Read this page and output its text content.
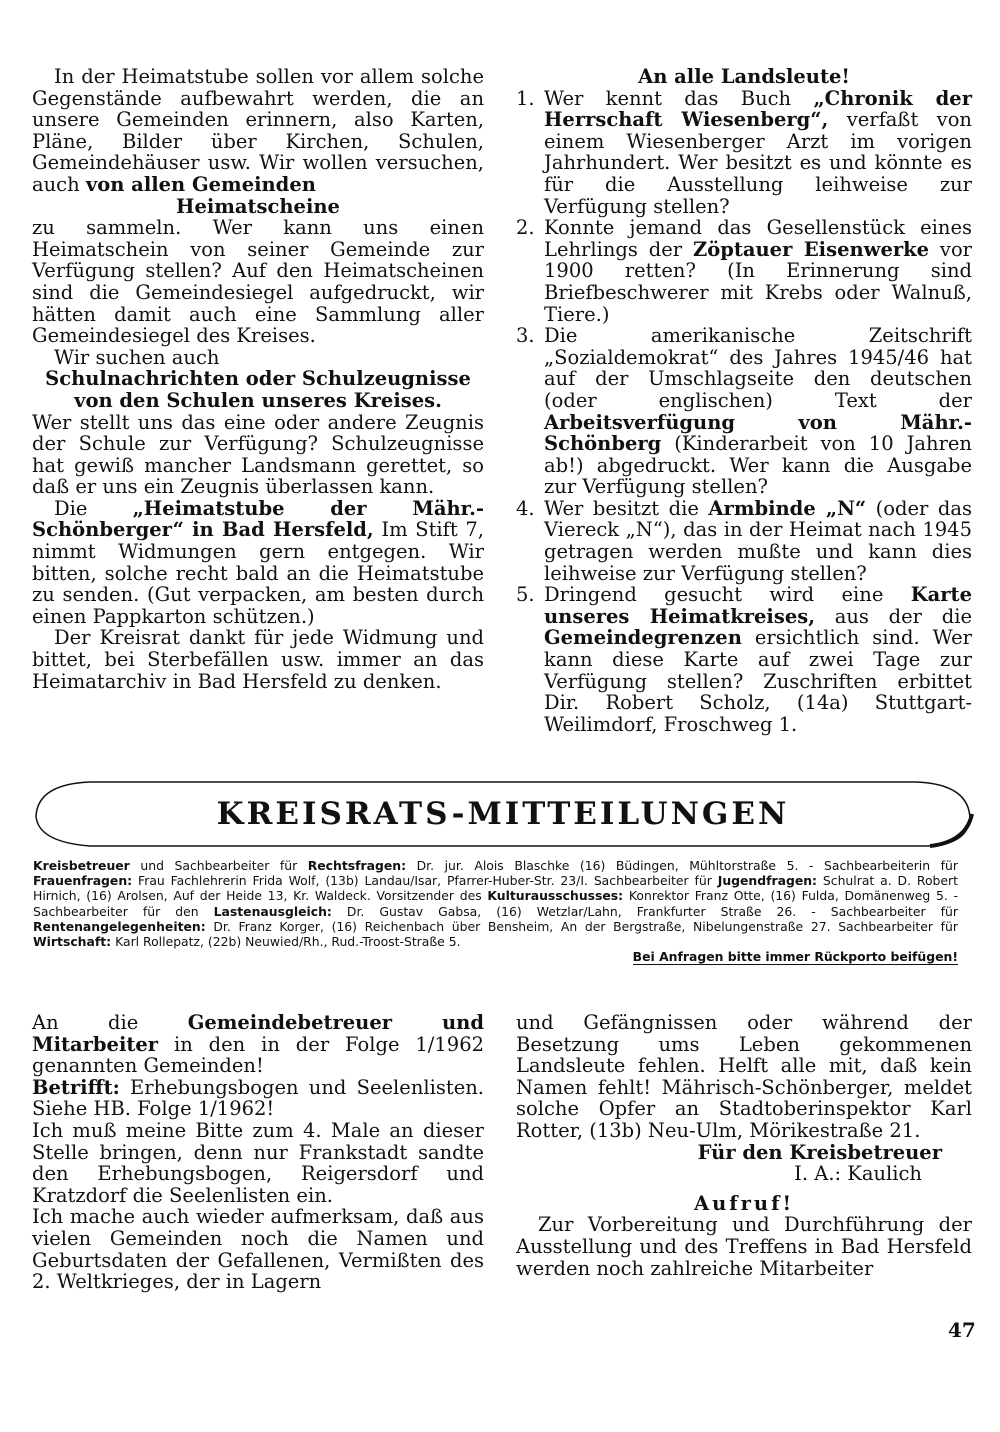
In der Heimatstube sollen vor allem solche Gegenstände aufbewahrt werden, die an unsere Gemeinden erinnern, also Karten, Pläne, Bilder über Kirchen, Schulen, Gemeindehäuser usw. Wir wollen versuchen, auch von allen Gemeinden

Heimatscheine

zu sammeln. Wer kann uns einen Heimatschein von seiner Gemeinde zur Verfügung stellen? Auf den Heimatscheinen sind die Gemeindesiegel aufgedruckt, wir hätten damit auch eine Sammlung aller Gemeindesiegel des Kreises.

Wir suchen auch

Schulnachrichten oder Schulzeugnisse von den Schulen unseres Kreises.

Wer stellt uns das eine oder andere Zeugnis der Schule zur Verfügung? Schulzeugnisse hat gewiß mancher Landsmann gerettet, so daß er uns ein Zeugnis überlassen kann.

Die „Heimatstube der Mähr.-Schönberger“ in Bad Hersfeld, Im Stift 7, nimmt Widmungen gern entgegen. Wir bitten, solche recht bald an die Heimatstube zu senden. (Gut verpacken, am besten durch einen Pappkarton schützen.)

Der Kreisrat dankt für jede Widmung und bittet, bei Sterbefällen usw. immer an das Heimatarchiv in Bad Hersfeld zu denken.

An alle Landsleute!

1. Wer kennt das Buch „Chronik der Herrschaft Wiesenberg“, verfaßt von einem Wiesenberger Arzt im vorigen Jahrhundert. Wer besitzt es und könnte es für die Ausstellung leihweise zur Verfügung stellen?
2. Konnte jemand das Gesellenstück eines Lehrlings der Zöptauer Eisenwerke vor 1900 retten? (In Erinnerung sind Briefbeschwerer mit Krebs oder Walnuß, Tiere.)
3. Die amerikanische Zeitschrift „Sozialdemokrat“ des Jahres 1945/46 hat auf der Umschlagseite den deutschen (oder englischen) Text der Arbeitsverfügung von Mähr.-Schönberg (Kinderarbeit von 10 Jahren ab!) abgedruckt. Wer kann die Ausgabe zur Verfügung stellen?
4. Wer besitzt die Armbinde „N“ (oder das Viereck „N“), das in der Heimat nach 1945 getragen werden mußte und kann dies leihweise zur Verfügung stellen?
5. Dringend gesucht wird eine Karte unseres Heimatkreises, aus der die Gemeindegrenzen ersichtlich sind. Wer kann diese Karte auf zwei Tage zur Verfügung stellen? Zuschriften erbittet Dir. Robert Scholz, (14a) Stuttgart-Weilimdorf, Froschweg 1.
KREISRATS-MITTEILUNGEN

Kreisbetreuer und Sachbearbeiter für Rechtsfragen: Dr. jur. Alois Blaschke (16) Büdingen, Mühltorstraße 5. - Sachbearbeiterin für Frauenfragen: Frau Fachlehrerin Frida Wolf, (13b) Landau/Isar, Pfarrer-Huber-Str. 23/I. Sachbearbeiter für Jugendfragen: Schulrat a. D. Robert Hirnich, (16) Arolsen, Auf der Heide 13, Kr. Waldeck. Vorsitzender des Kulturausschusses: Konrektor Franz Otte, (16) Fulda, Domänenweg 5. - Sachbearbeiter für den Lastenausgleich: Dr. Gustav Gabsa, (16) Wetzlar/Lahn, Frankfurter Straße 26. - Sachbearbeiter für Rentenangelegenheiten: Dr. Franz Korger, (16) Reichenbach über Bensheim, An der Bergstraße, Nibelungenstraße 27. Sachbearbeiter für Wirtschaft: Karl Rollepatz, (22b) Neuwied/Rh., Rud.-Troost-Straße 5.

Bei Anfragen bitte immer Rückporto beifügen!

An die	Gemeindebetreuer und Mitarbeiter in den in der Folge 1/1962 genannten Gemeinden!

Betrifft: Erhebungsbogen und Seelenlisten. Siehe HB. Folge 1/1962!

Ich muß meine Bitte zum 4. Male an dieser Stelle bringen, denn nur Frankstadt sandte den Erhebungsbogen, Reigersdorf und Kratzdorf die Seelenlisten ein.

Ich mache auch wieder aufmerksam, daß aus vielen Gemeinden noch die Namen und Geburtsdaten der Gefallenen, Vermißten des 2. Weltkrieges, der in Lagern

und Gefängnissen oder während der Besetzung ums Leben gekommenen Landsleute fehlen. Helft alle mit, daß kein Namen fehlt! Mährisch-Schönberger, meldet solche Opfer an Stadtoberinspektor Karl Rotter, (13b) Neu-Ulm, Mörikestraße 21.

Für den Kreisbetreuer

I. A.: Kaulich

Aufruf!

Zur Vorbereitung und Durchführung der Ausstellung und des Treffens in Bad Hersfeld werden noch zahlreiche Mitarbeiter

47
